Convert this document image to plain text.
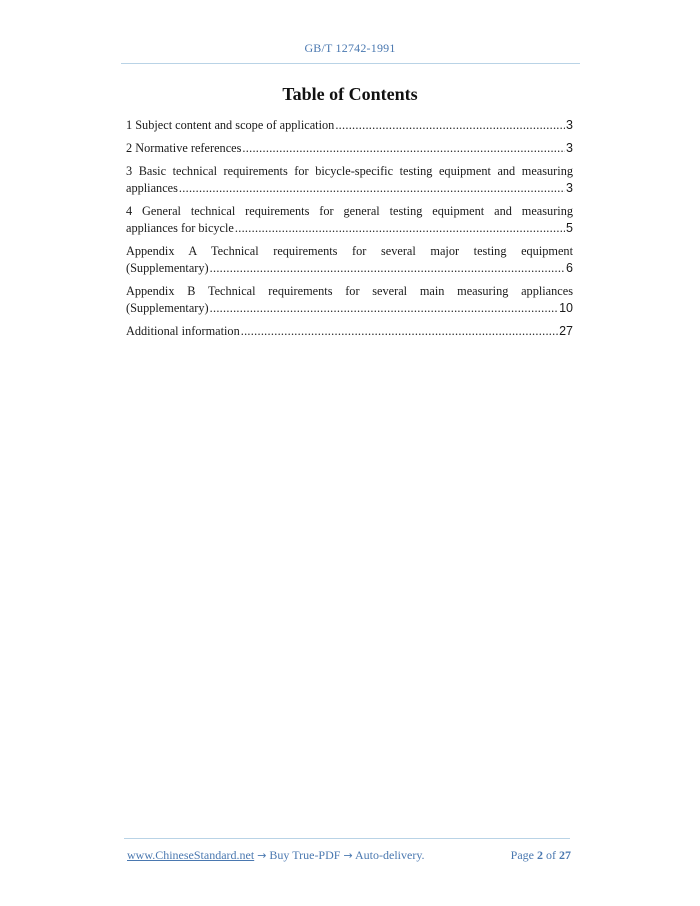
GB/T 12742-1991
Table of Contents
1 Subject content and scope of application . . .	3
2 Normative references . . .	3
3 Basic technical requirements for bicycle-specific testing equipment and measuring
appliances . . .	3
4 General technical requirements for general testing equipment and measuring
appliances for bicycle . . .	5
Appendix A Technical requirements for several major testing equipment
(Supplementary) . . .	6
Appendix B Technical requirements for several main measuring appliances
(Supplementary) . . .	10
Additional information . . .	27
www.ChineseStandard.net → Buy True-PDF → Auto-delivery.	Page 2 of 27
